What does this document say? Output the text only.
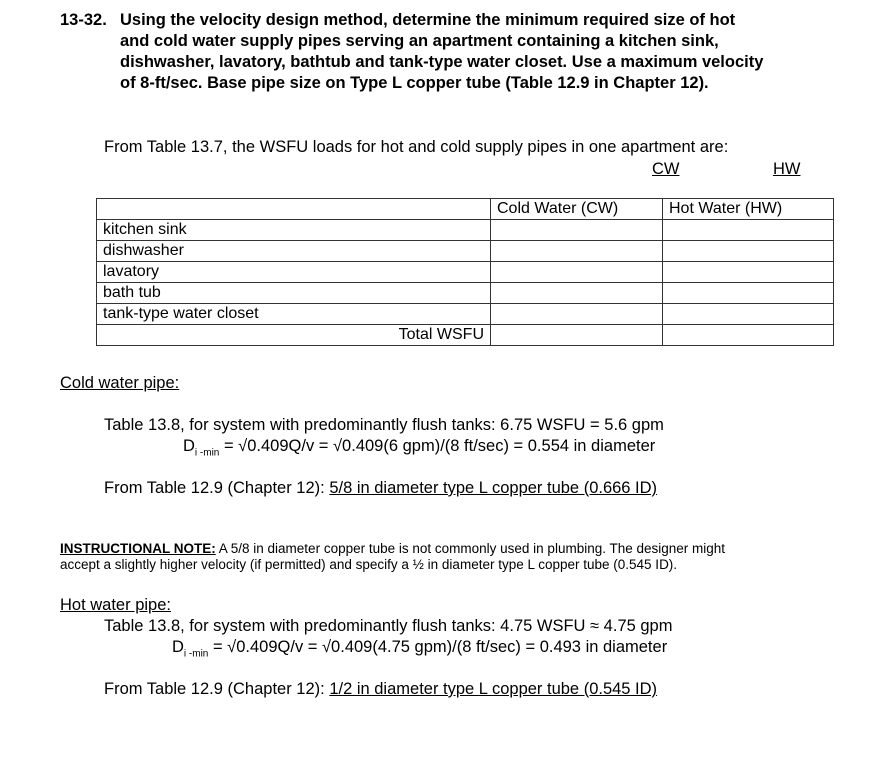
13-32. Using the velocity design method, determine the minimum required size of hot
and cold water supply pipes serving an apartment containing a kitchen sink,
dishwasher, lavatory, bathtub and tank-type water closet. Use a maximum velocity
of 8-ft/sec. Base pipe size on Type L copper tube (Table 12.9 in Chapter 12).
From Table 13.7, the WSFU loads for hot and cold supply pipes in one apartment are:
CW	HW
	Cold Water (CW)	Hot Water (HW)
kitchen sink		
dishwasher		
lavatory		
bath tub		
tank-type water closet		
Total WSFU		
Cold water pipe:
Table 13.8, for system with predominantly flush tanks: 6.75 WSFU = 5.6 gpm
$D_{i -min} = √0.409Q/v = √0.409(6$ gpm)/(8 ft/sec) = 0.554 in diameter
From Table 12.9 (Chapter 12): 5/8 in diameter type L copper tube (0.666 ID)
INSTRUCTIONAL NOTE: A 5/8 in diameter copper tube is not commonly used in plumbing. The designer might
accept a slightly higher velocity (if permitted) and specify a ½ in diameter type L copper tube (0.545 ID).
Hot water pipe:
Table 13.8, for system with predominantly flush tanks: 4.75 WSFU ≈ 4.75 gpm
$D_{i -min} = √0.409Q/v = √0.409(4.75$ gpm)/(8 ft/sec) = 0.493 in diameter
From Table 12.9 (Chapter 12): 1/2 in diameter type L copper tube (0.545 ID)
